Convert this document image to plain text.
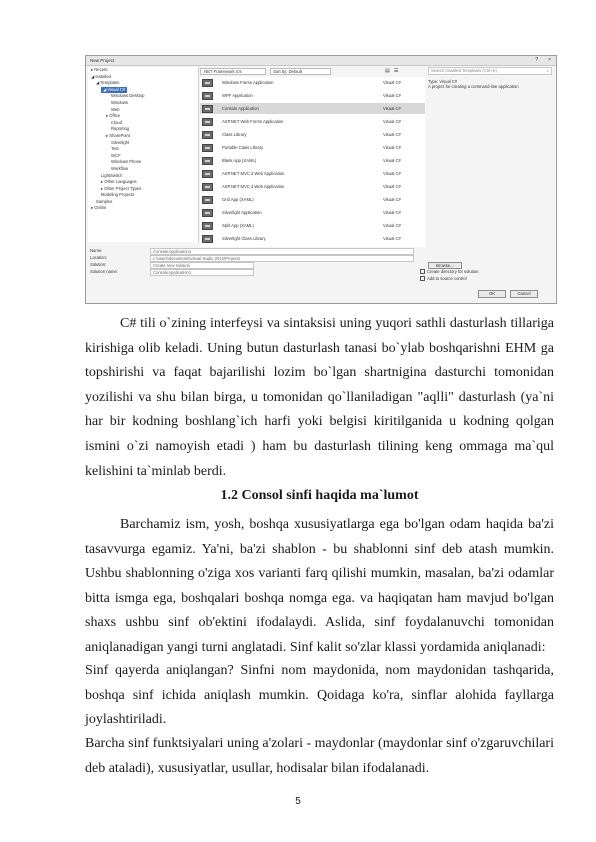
New Project	? ×
▸ Recent
◢ Installed
◢ Templates
◢ Visual C#
Windows Desktop
Windows
Web
▸ Office
Cloud
Reporting
▸ SharePoint
Silverlight
Test
WCF
Windows Phone
Workflow
LightSwitch
▸ Other Languages
▸ Other Project Types
Modeling Projects
Samples
▸ Online
.NET Framework 4.5	Sort by: Default	▤ ☰
Windows Forms Application	Visual C#
WPF Application	Visual C#
Console Application	Visual C#
ASP.NET Web Forms Application	Visual C#
Class Library	Visual C#
Portable Class Library	Visual C#
Blank App (XAML)	Visual C#
ASP.NET MVC 3 Web Application	Visual C#
ASP.NET MVC 4 Web Application	Visual C#
Grid App (XAML)	Visual C#
Silverlight Application	Visual C#
Split App (XAML)	Visual C#
Silverlight Class Library	Visual C#
Search Installed Templates (Ctrl+E)	⌕
Type: Visual C#
A project for creating a command-line application
Name:	ConsoleApplication1
Location:	c:\users\documents\visual studio 2012\Projects
Browse...
Solution:	Create new solution
Solution name:	ConsoleApplication1	Create directory for solution
Add to source control
OK	Cancel

C# tili o`zining interfeysi va sintaksisi uning yuqori sathli dasturlash tillariga kirishiga olib keladi. Uning butun dasturlash tanasi bo`ylab boshqarishni EHM ga topshirishi va faqat bajarilishi lozim bo`lgan shartnigina dasturchi tomonidan yozilishi va shu bilan birga, u tomonidan qo`llaniladigan "aqlli" dasturlash (ya`ni har bir kodning boshlang`ich harfi yoki belgisi kiritilganida u kodning qolgan ismini o`zi namoyish etadi ) ham bu dasturlash tilining keng ommaga ma`qul kelishini ta`minlab berdi.

1.2 Consol sinfi haqida ma`lumot

Barchamiz ism, yosh, boshqa xususiyatlarga ega bo'lgan odam haqida ba'zi tasavvurga egamiz. Ya'ni, ba'zi shablon - bu shablonni sinf deb atash mumkin. Ushbu shablonning o'ziga xos varianti farq qilishi mumkin, masalan, ba'zi odamlar bitta ismga ega, boshqalari boshqa nomga ega. va haqiqatan ham mavjud bo'lgan shaxs ushbu sinf ob'ektini ifodalaydi. Aslida, sinf foydalanuvchi tomonidan aniqlanadigan yangi turni anglatadi. Sinf kalit so'zlar klassi yordamida aniqlanadi:

Sinf qayerda aniqlangan? Sinfni nom maydonida, nom maydonidan tashqarida, boshqa sinf ichida aniqlash mumkin. Qoidaga ko'ra, sinflar alohida fayllarga joylashtiriladi.

Barcha sinf funktsiyalari uning a'zolari - maydonlar (maydonlar sinf o'zgaruvchilari deb ataladi), xususiyatlar, usullar, hodisalar bilan ifodalanadi.

5
